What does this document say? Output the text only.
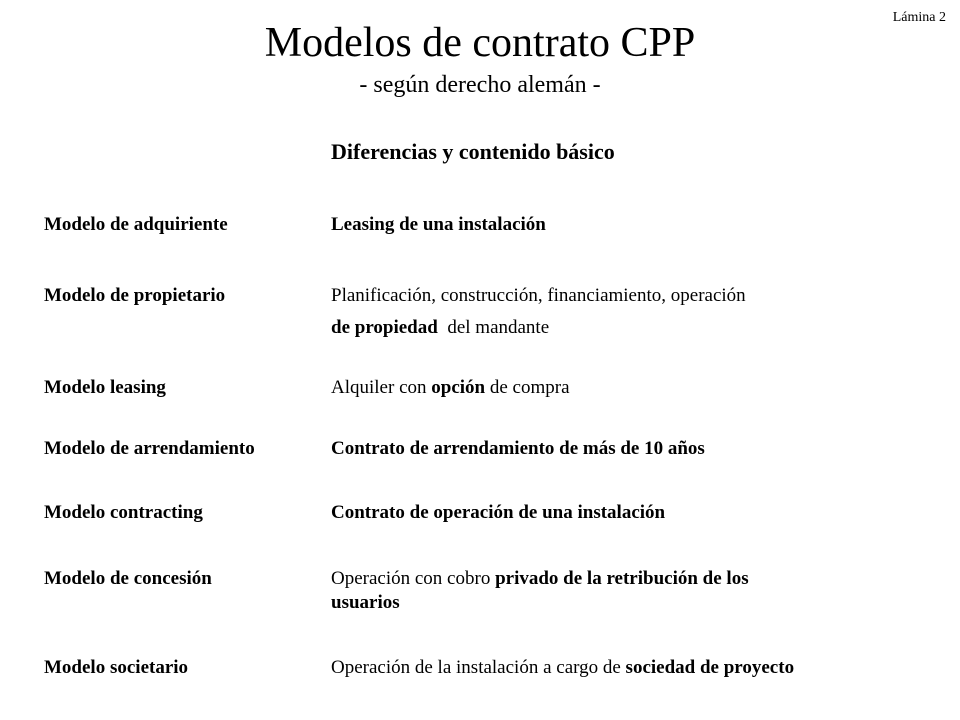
Lámina 2
Modelos de contrato CPP
- según derecho alemán -
Diferencias y contenido básico
Modelo de adquiriente	Leasing de una instalación
Modelo de propietario	Planificación, construcción, financiamiento, operación
de propiedad  del mandante
Modelo leasing	Alquiler con opción de compra
Modelo de arrendamiento	Contrato de arrendamiento de más de 10 años
Modelo contracting	Contrato de operación de una instalación
Modelo de concesión	Operación con cobro privado de la retribución de los
usuarios
Modelo societario	Operación de la instalación a cargo de sociedad de proyecto
